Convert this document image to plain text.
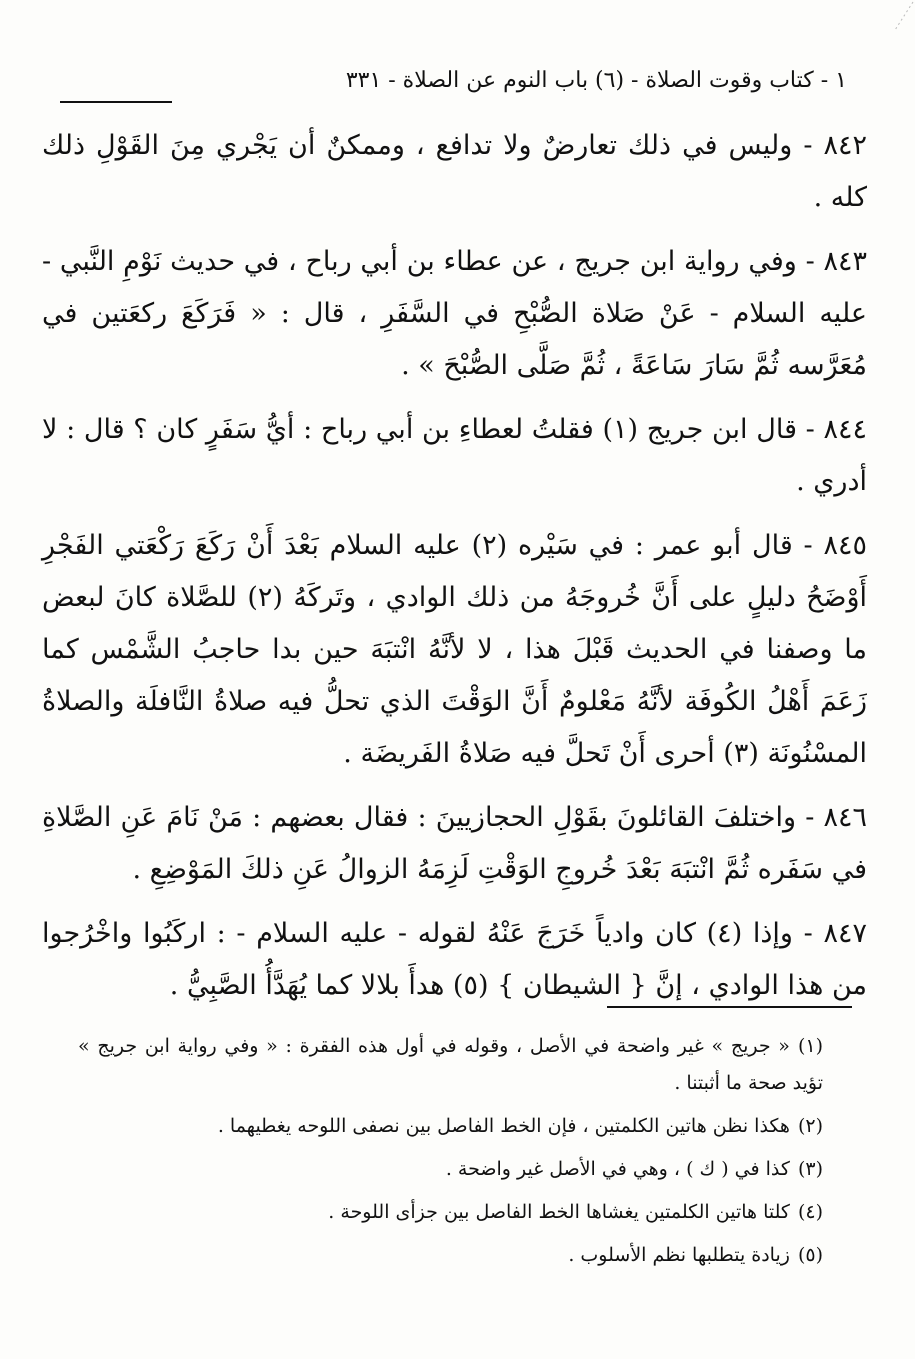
١ - كتاب وقوت الصلاة - (٦) باب النوم عن الصلاة - ٣٣١

٨٤٢ - وليس في ذلك تعارضٌ ولا تدافع ، وممكنٌ أن يَجْري مِنَ القَوْلِ ذلك كله .

٨٤٣ - وفي رواية ابن جريج ، عن عطاء بن أبي رباح ، في حديث نَوْمِ النَّبي - عليه السلام - عَنْ صَلاة الصُّبْحِ في السَّفَرِ ، قال : « فَرَكَعَ ركعَتين في مُعَرَّسه ثُمَّ سَارَ سَاعَةً ، ثُمَّ صَلَّى الصُّبْحَ » .

٨٤٤ - قال ابن جريج (١) فقلتُ لعطاءِ بن أبي رباح : أيُّ سَفَرٍ كان ؟ قال : لا أدري .

٨٤٥ - قال أبو عمر : في سَيْره (٢) عليه السلام بَعْدَ أَنْ رَكَعَ رَكْعَتي الفَجْرِ أَوْضَحُ دليلٍ على أَنَّ خُروجَهُ من ذلك الوادي ، وتَركَهُ (٢) للصَّلاة كانَ لبعض ما وصفنا في الحديث قَبْلَ هذا ، لا لأنَّهُ انْتبَهَ حين بدا حاجبُ الشَّمْس كما زَعَمَ أَهْلُ الكُوفَة لأنَّهُ مَعْلومٌ أَنَّ الوَقْتَ الذي تحلُّ فيه صلاةُ النَّافلَة والصلاةُ المسْنُونَة (٣) أحرى أَنْ تَحلَّ فيه صَلاةُ الفَريضَة .

٨٤٦ - واختلفَ القائلونَ بقَوْلِ الحجازيينَ : فقال بعضهم : مَنْ نَامَ عَنِ الصَّلاةِ في سَفَره ثُمَّ انْتبَهَ بَعْدَ خُروجِ الوَقْتِ لَزِمَهُ الزوالُ عَنِ ذلكَ المَوْضِعِ .

٨٤٧ - وإذا (٤) كان وادياً خَرَجَ عَنْهُ لقوله - عليه السلام - : اركَبُوا واخْرُجوا من هذا الوادي ، إنَّ { الشيطان } (٥) هدأَ بلالا كما يُهَدَّأُ الصَّبِيُّ .

(١)« جريج » غير واضحة في الأصل ، وقوله في أول هذه الفقرة : « وفي رواية ابن جريج » تؤيد صحة ما أثبتنا .

(٢)هكذا نظن هاتين الكلمتين ، فإن الخط الفاصل بين نصفى اللوحه يغطيهما .

(٣)كذا في ( ك ) ، وهي في الأصل غير واضحة .

(٤)كلتا هاتين الكلمتين يغشاها الخط الفاصل بين جزأى اللوحة .

(٥)زيادة يتطلبها نظم الأسلوب .
